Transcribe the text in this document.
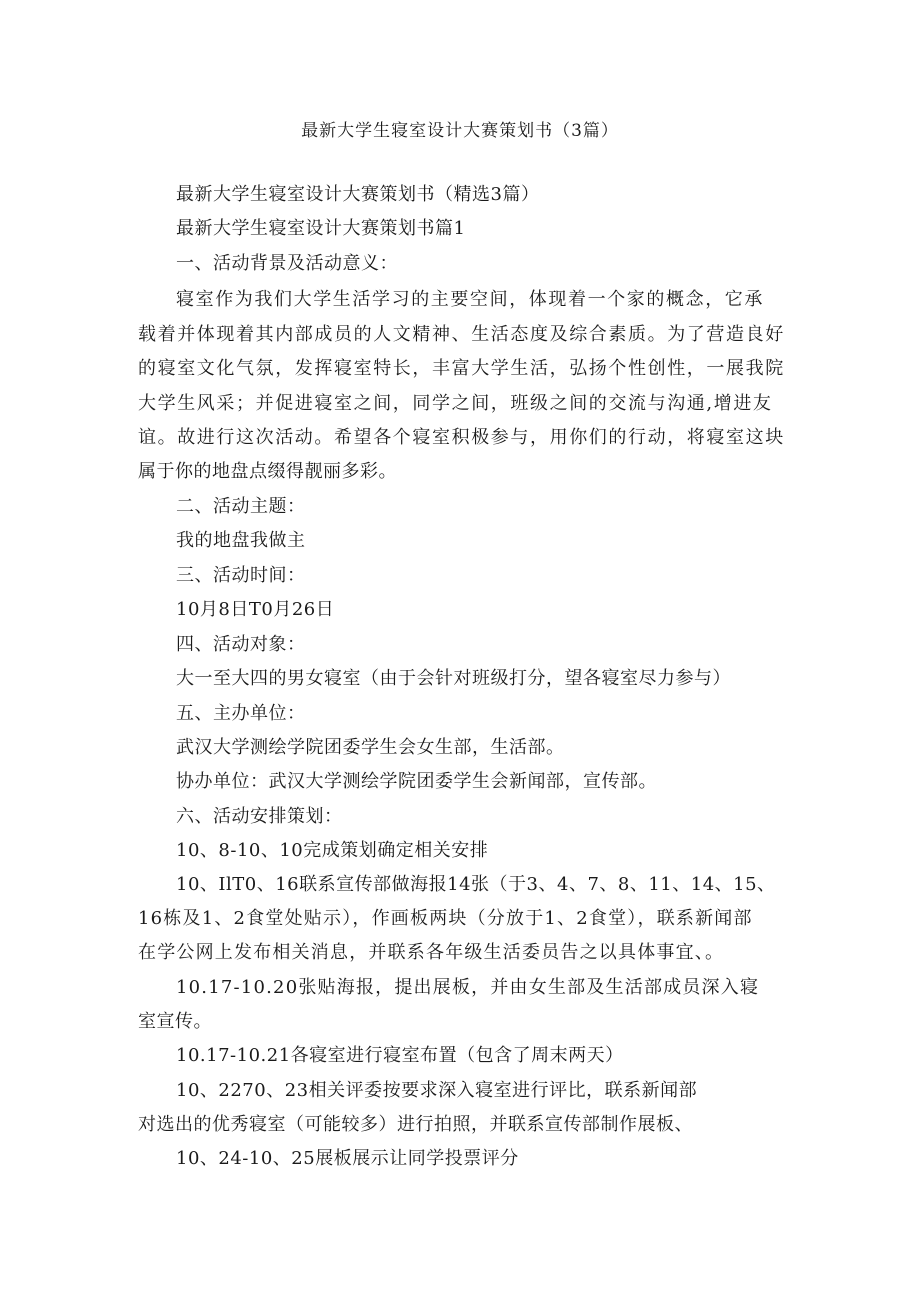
最新大学生寝室设计大赛策划书（3篇）
最新大学生寝室设计大赛策划书（精选3篇）
最新大学生寝室设计大赛策划书篇1
一、活动背景及活动意义：
寝室作为我们大学生活学习的主要空间，体现着一个家的概念，它承
载着并体现着其内部成员的人文精神、生活态度及综合素质。为了营造良好
的寝室文化气氛，发挥寝室特长，丰富大学生活，弘扬个性创性，一展我院
大学生风采；并促进寝室之间，同学之间，班级之间的交流与沟通,增进友
谊。故进行这次活动。希望各个寝室积极参与，用你们的行动，将寝室这块
属于你的地盘点缀得靓丽多彩。
二、活动主题：
我的地盘我做主
三、活动时间：
10月8日T0月26日
四、活动对象：
大一至大四的男女寝室（由于会针对班级打分，望各寝室尽力参与）
五、主办单位：
武汉大学测绘学院团委学生会女生部，生活部。
协办单位：武汉大学测绘学院团委学生会新闻部，宣传部。
六、活动安排策划：
10、8-10、10完成策划确定相关安排
10、IlT0、16联系宣传部做海报14张（于3、4、7、8、11、14、15、
16栋及1、2食堂处贴示），作画板两块（分放于1、2食堂），联系新闻部
在学公网上发布相关消息，并联系各年级生活委员告之以具体事宜、。
10.17-10.20张贴海报，提出展板，并由女生部及生活部成员深入寝
室宣传。
10.17-10.21各寝室进行寝室布置（包含了周末两天）
10、2270、23相关评委按要求深入寝室进行评比，联系新闻部
对选出的优秀寝室（可能较多）进行拍照，并联系宣传部制作展板、
10、24-10、25展板展示让同学投票评分
